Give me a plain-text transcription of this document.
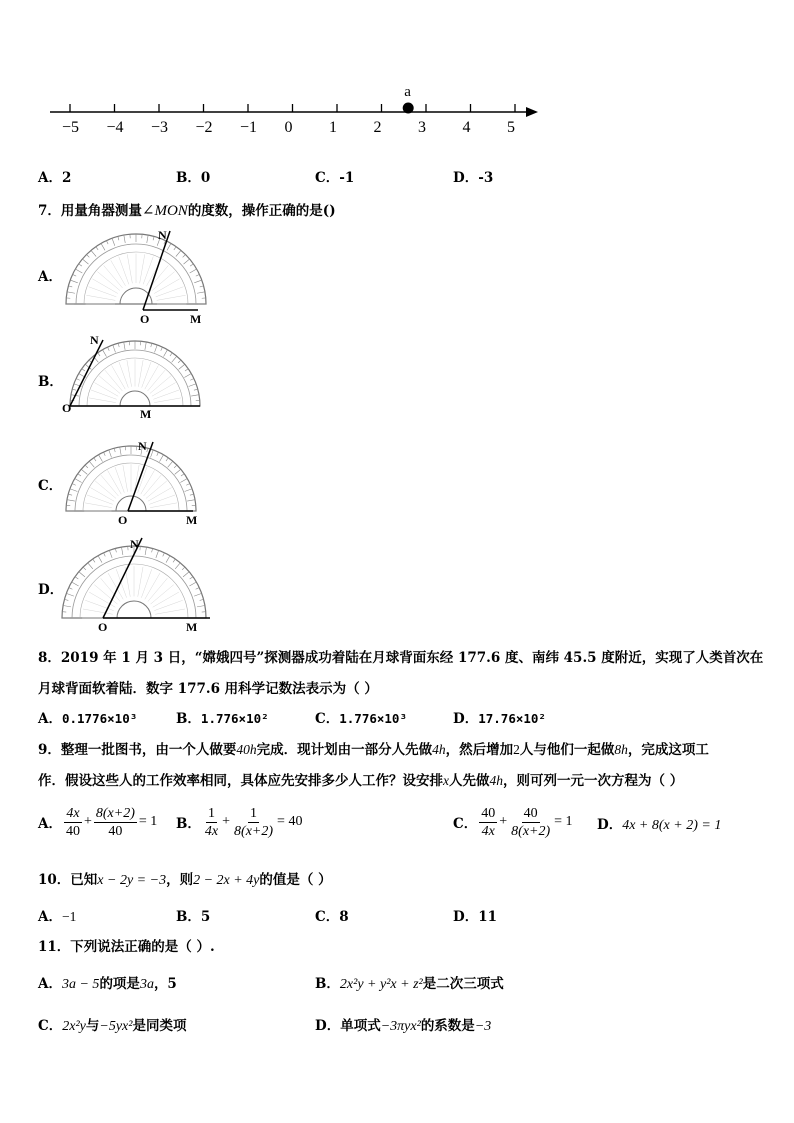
a
−5 −4 −3 −2 −1 0 1 2 3 4 5
A．2	B．0	C．-1	D．-3
7．用量角器测量∠MON的度数，操作正确的是()
A．
N
O	M
B．
N
O	M
C．
N
O	M
D．
N
O	M
8．2019 年 1 月 3 日，“嫦娥四号”探测器成功着陆在月球背面东经 177.6 度、南纬 45.5 度附近，实现了人类首次在
月球背面软着陆．数字 177.6 用科学记数法表示为（ ）
A．0.1776×10³	B．1.776×10²	C．1.776×10³	D．17.76×10²
9．整理一批图书，由一个人做要40h完成．现计划由一部分人先做4h，然后增加2人与他们一起做8h，完成这项工
作．假设这些人的工作效率相同，具体应先安排多少人工作？设安排x人先做4h，则可列一元一次方程为（ ）
A． $\frac{4x}{40} + \frac{8(x+2)}{40} = 1$ B． $\frac{1}{4x} + \frac{1}{8(x+2)} = 40$	C． $\frac{40}{4x} + \frac{40}{8(x+2)} = 1$ D．4x + 8(x + 2) = 1
10．已知x − 2y = −3，则2 − 2x + 4y的值是（ ）
A．−1	B．5	C．8	D．11
11．下列说法正确的是（ ）.
A．3a − 5的项是3a，5	B．2x²y + y²x + z²是二次三项式
C．2x²y与−5yx²是同类项	D．单项式−3πyx²的系数是−3
